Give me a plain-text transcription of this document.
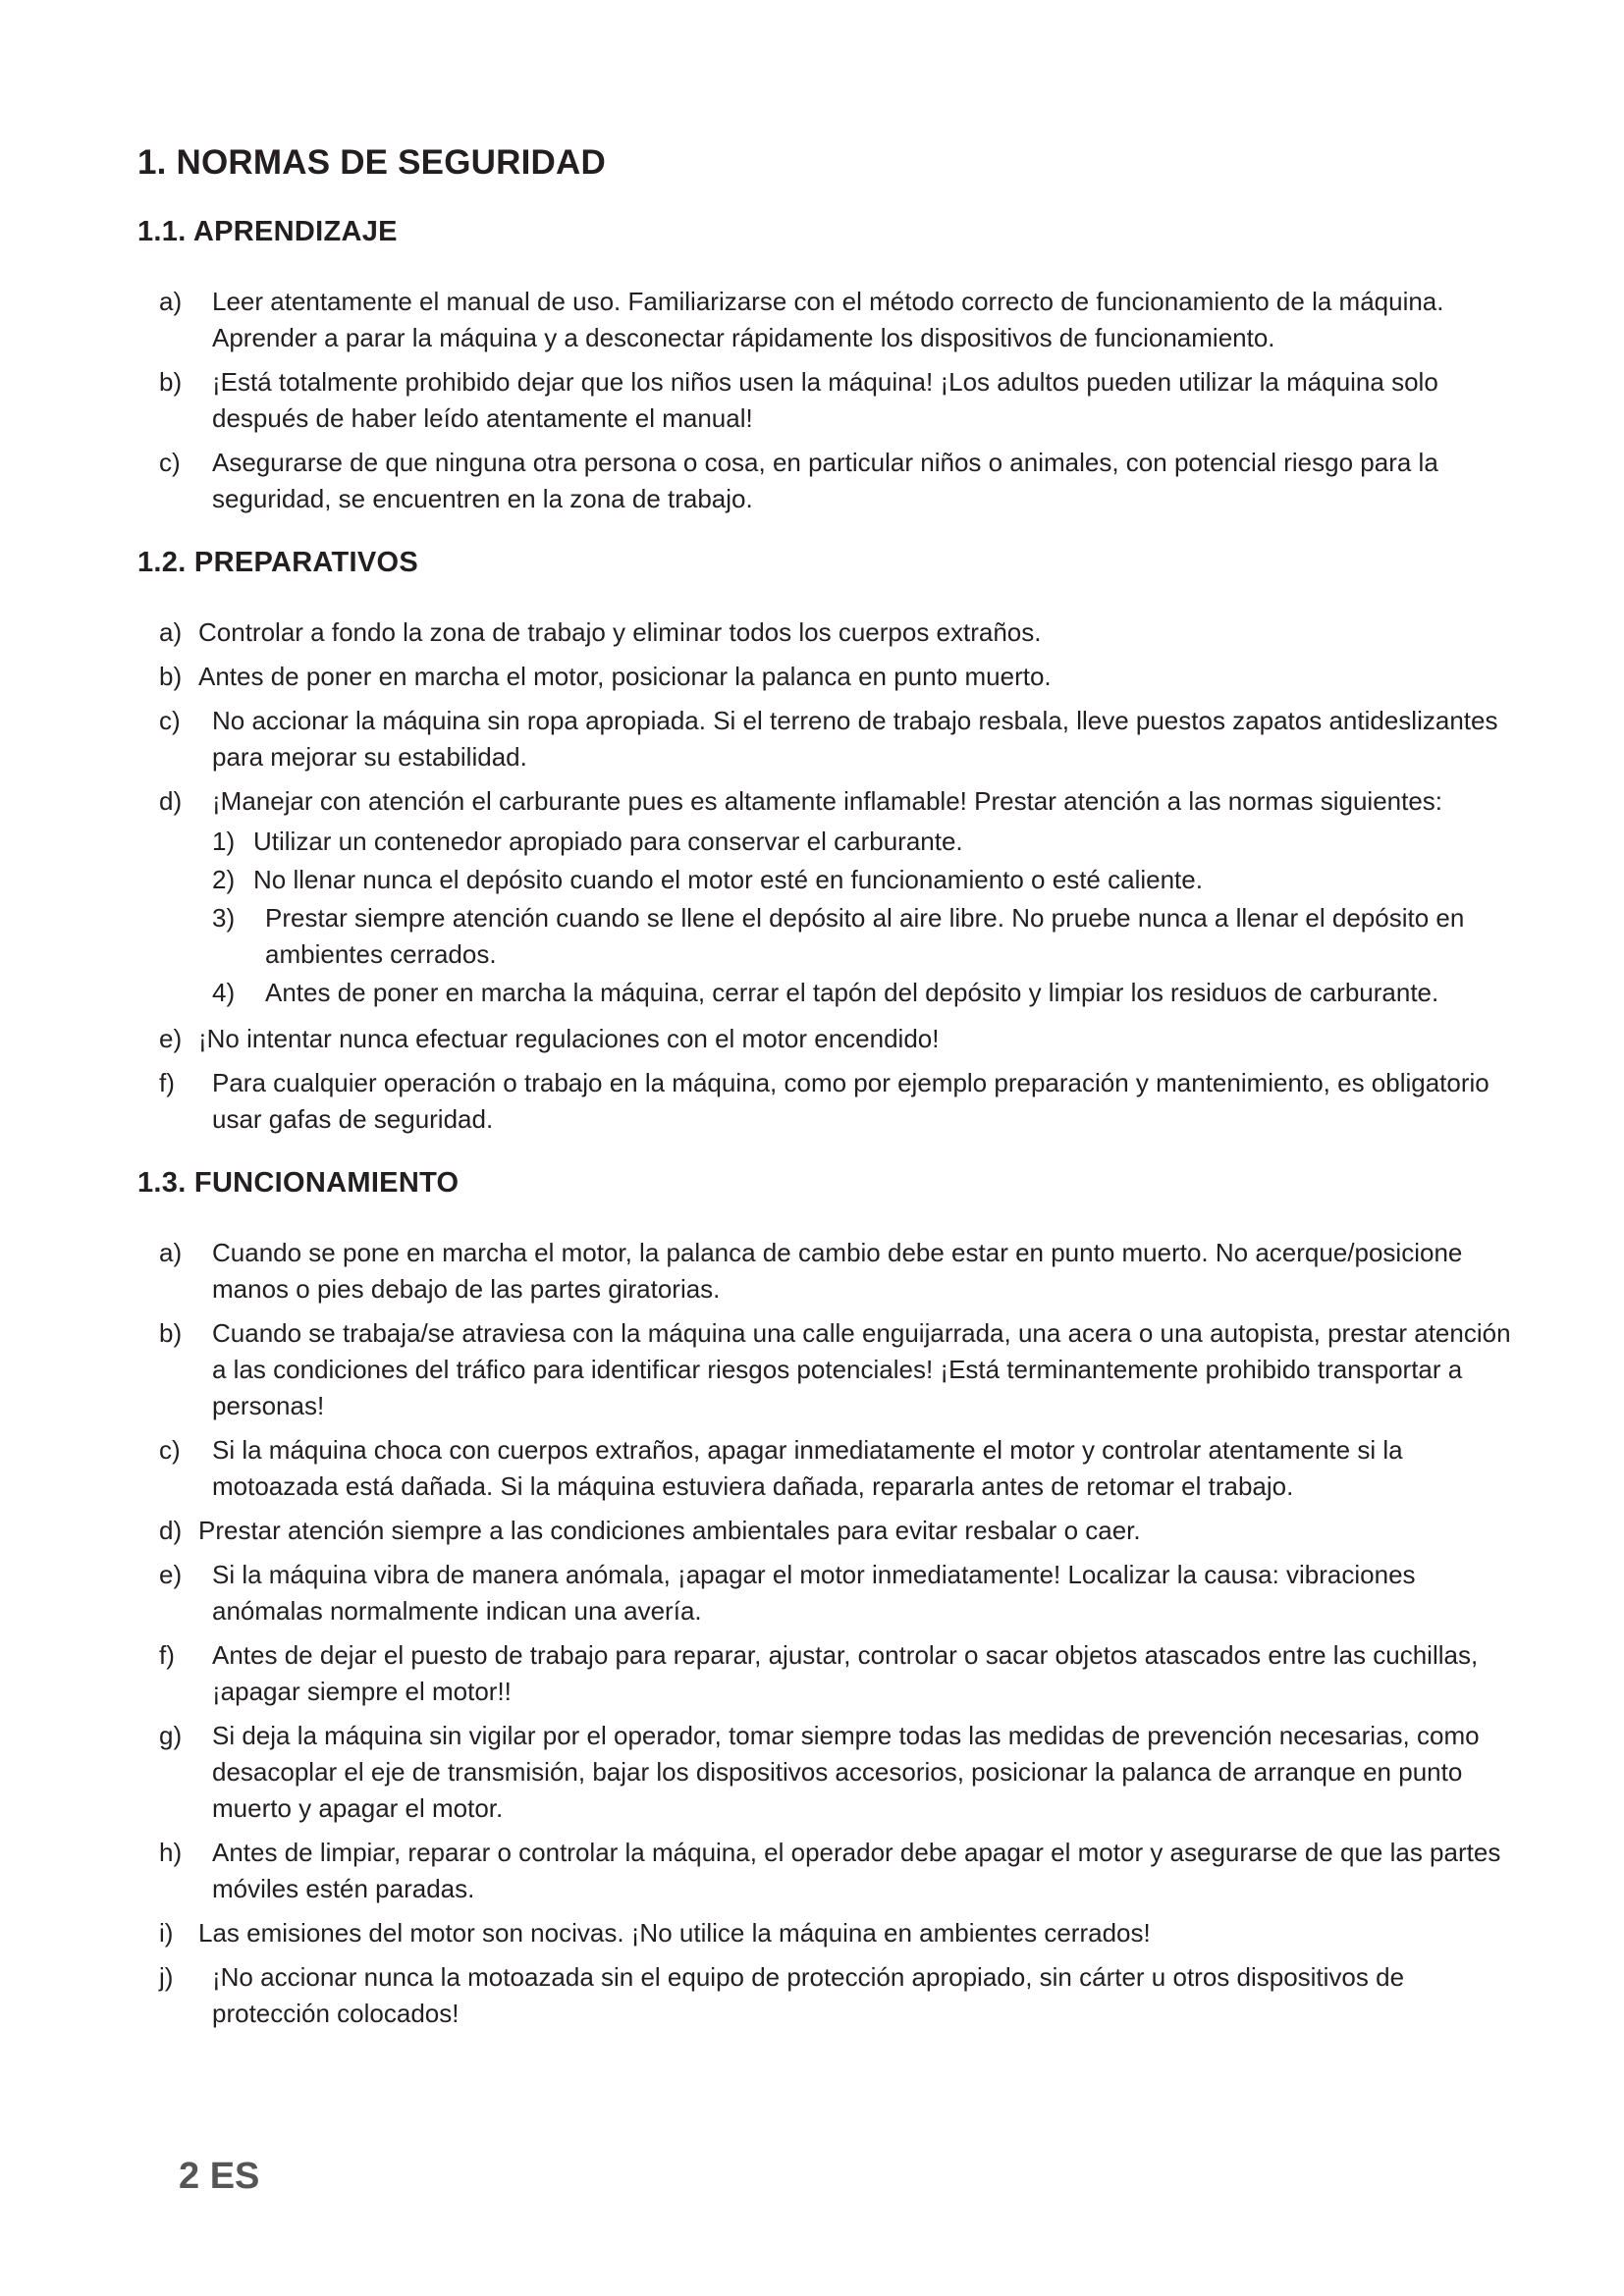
1. NORMAS DE SEGURIDAD
1.1. APRENDIZAJE
a)	Leer atentamente el manual de uso. Familiarizarse con el método correcto de funcionamiento de la máquina. Aprender a parar la máquina y a desconectar rápidamente los dispositivos de funcionamiento.
b)	¡Está totalmente prohibido dejar que los niños usen la máquina! ¡Los adultos pueden utilizar la máquina solo después de haber leído atentamente el manual!
c)	Asegurarse de que ninguna otra persona o cosa, en particular niños o animales, con potencial riesgo para la seguridad, se encuentren en la zona de trabajo.
1.2. PREPARATIVOS
a) Controlar a fondo la zona de trabajo y eliminar todos los cuerpos extraños.
b) Antes de poner en marcha el motor, posicionar la palanca en punto muerto.
c)	No accionar la máquina sin ropa apropiada. Si el terreno de trabajo resbala, lleve puestos zapatos antideslizantes para mejorar su estabilidad.
d)	¡Manejar con atención el carburante pues es altamente inflamable! Prestar atención a las normas siguientes:
1) Utilizar un contenedor apropiado para conservar el carburante.
2) No llenar nunca el depósito cuando el motor esté en funcionamiento o esté caliente.
3)	Prestar siempre atención cuando se llene el depósito al aire libre. No pruebe nunca a llenar el depósito en ambientes cerrados.
4)	Antes de poner en marcha la máquina, cerrar el tapón del depósito y limpiar los residuos de carburante.
e) ¡No intentar nunca efectuar regulaciones con el motor encendido!
f)	Para cualquier operación o trabajo en la máquina, como por ejemplo preparación y mantenimiento, es obligatorio usar gafas de seguridad.
1.3. FUNCIONAMIENTO
a)	Cuando se pone en marcha el motor, la palanca de cambio debe estar en punto muerto. No acerque/posicione manos o pies debajo de las partes giratorias.
b)	Cuando se trabaja/se atraviesa con la máquina una calle enguijarrada, una acera o una autopista, prestar atención a las condiciones del tráfico para identificar riesgos potenciales! ¡Está terminantemente prohibido transportar a personas!
c)	Si la máquina choca con cuerpos extraños, apagar inmediatamente el motor y controlar atentamente si la motoazada está dañada. Si la máquina estuviera dañada, repararla antes de retomar el trabajo.
d) Prestar atención siempre a las condiciones ambientales para evitar resbalar o caer.
e)	Si la máquina vibra de manera anómala, ¡apagar el motor inmediatamente! Localizar la causa: vibraciones anómalas normalmente indican una avería.
f)	Antes de dejar el puesto de trabajo para reparar, ajustar, controlar o sacar objetos atascados entre las cuchillas, ¡apagar siempre el motor!!
g)	Si deja la máquina sin vigilar por el operador, tomar siempre todas las medidas de prevención necesarias, como desacoplar el eje de transmisión, bajar los dispositivos accesorios, posicionar la palanca de arranque en punto muerto y apagar el motor.
h)	Antes de limpiar, reparar o controlar la máquina, el operador debe apagar el motor y asegurarse de que las partes móviles estén paradas.
i) Las emisiones del motor son nocivas. ¡No utilice la máquina en ambientes cerrados!
j)	¡No accionar nunca la motoazada sin el equipo de protección apropiado, sin cárter u otros dispositivos de protección colocados!
2 ES
